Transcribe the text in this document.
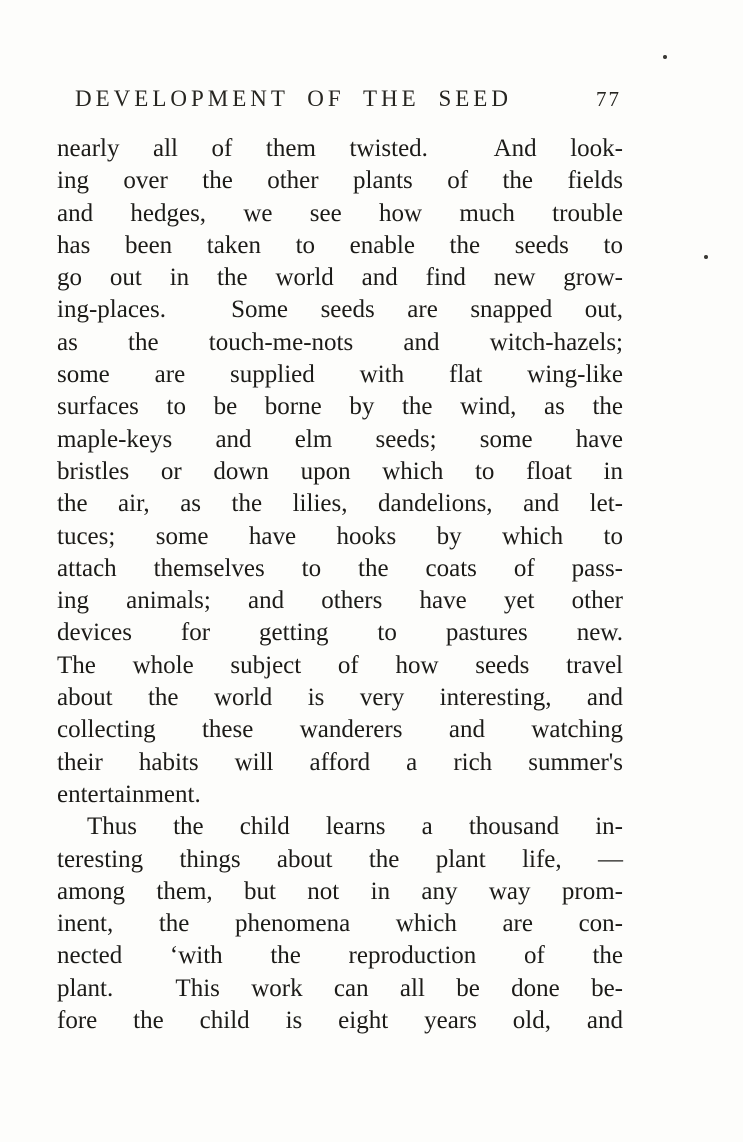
DEVELOPMENT OF THE SEED	77
nearly all of them twisted.  And look-
ing over the other plants of the fields
and hedges, we see how much trouble
has been taken to enable the seeds to
go out in the world and find new grow-
ing-places.  Some seeds are snapped out,
as the touch-me-nots and witch-hazels;
some are supplied with flat wing-like
surfaces to be borne by the wind, as the
maple-keys and elm seeds; some have
bristles or down upon which to float in
the air, as the lilies, dandelions, and let-
tuces; some have hooks by which to
attach themselves to the coats of pass-
ing animals; and others have yet other
devices for getting to pastures new.
The whole subject of how seeds travel
about the world is very interesting, and
collecting these wanderers and watching
their habits will afford a rich summer's
entertainment.
Thus the child learns a thousand in-
teresting things about the plant life, —
among them, but not in any way prom-
inent, the phenomena which are con-
nected ‘with the reproduction of the
plant.  This work can all be done be-
fore the child is eight years old, and
